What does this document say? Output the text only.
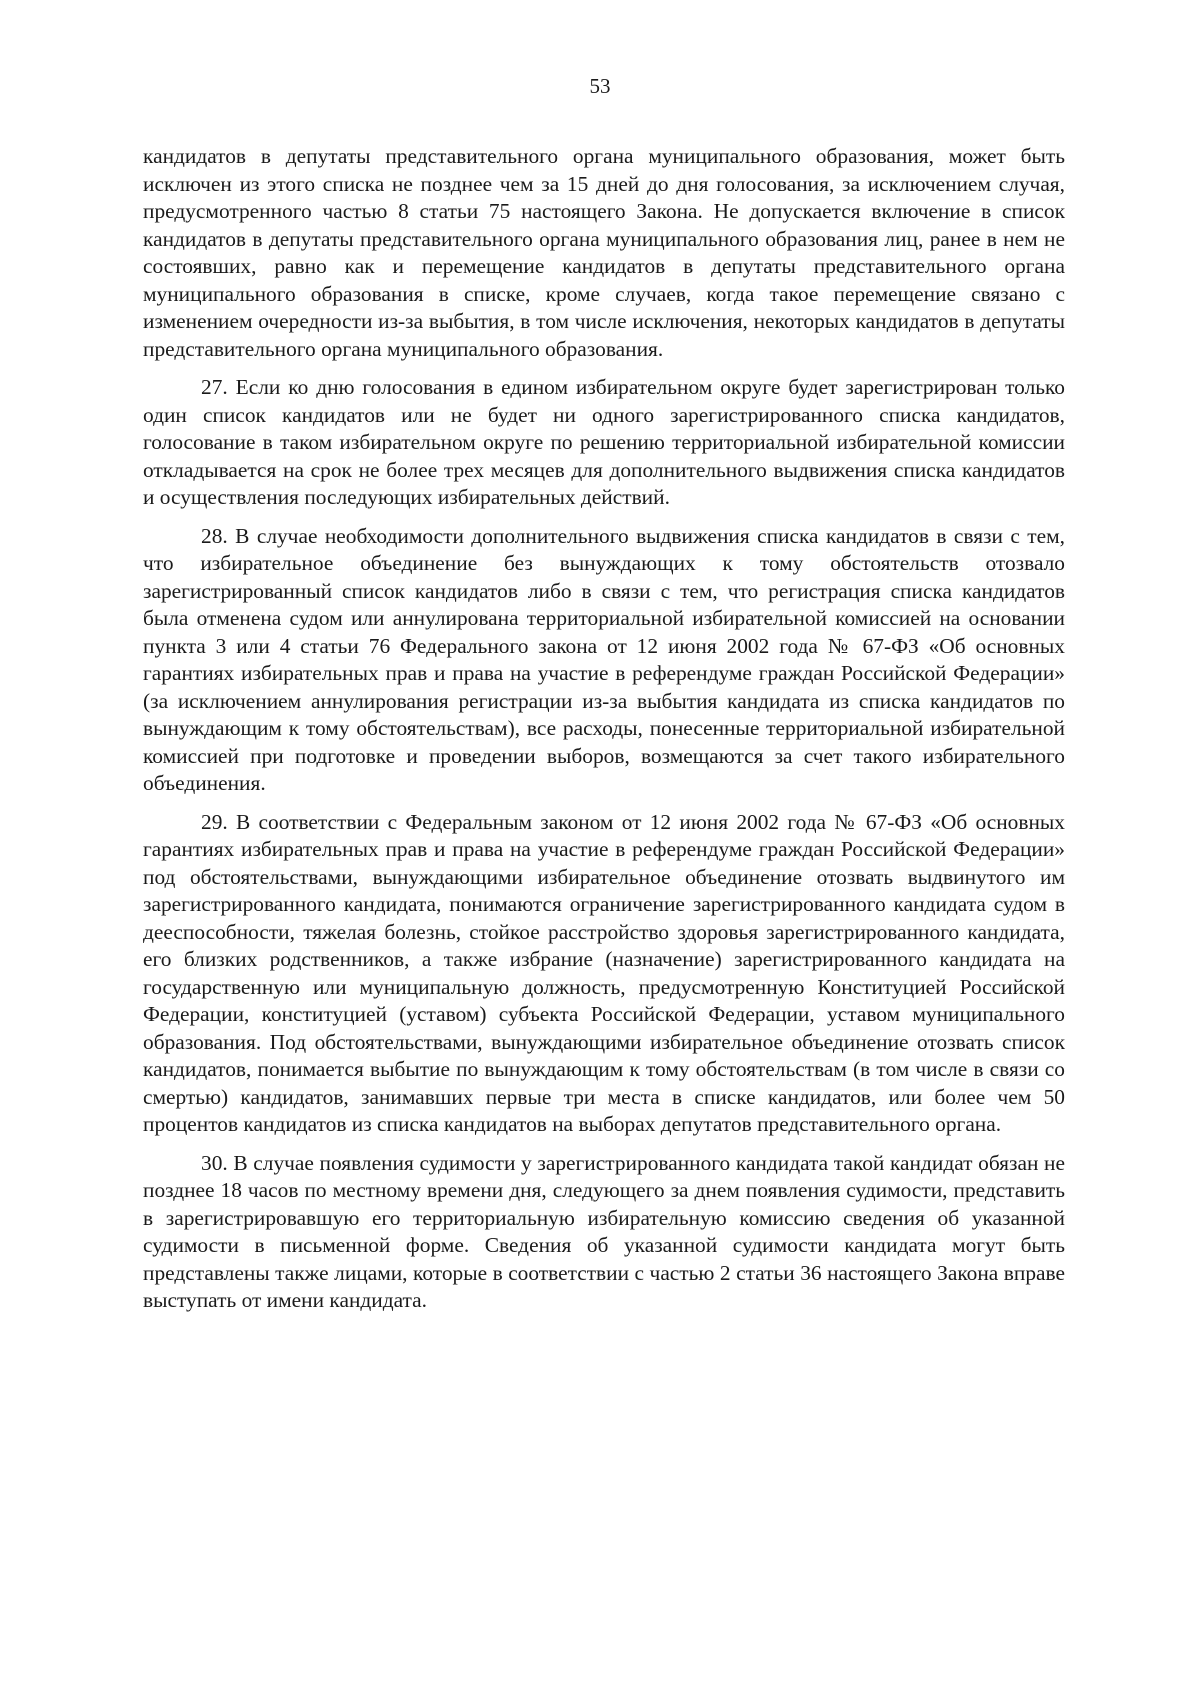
53

кандидатов в депутаты представительного органа муниципального образования, может быть исключен из этого списка не позднее чем за 15 дней до дня голосования, за исключением случая, предусмотренного частью 8 статьи 75 настоящего Закона. Не допускается включение в список кандидатов в депутаты представительного органа муниципального образования лиц, ранее в нем не состоявших, равно как и перемещение кандидатов в депутаты представительного органа муниципального образования в списке, кроме случаев, когда такое перемещение связано с изменением очередности из-за выбытия, в том числе исключения, некоторых кандидатов в депутаты представительного органа муниципального образования.

27. Если ко дню голосования в едином избирательном округе будет зарегистрирован только один список кандидатов или не будет ни одного зарегистрированного списка кандидатов, голосование в таком избирательном округе по решению территориальной избирательной комиссии откладывается на срок не более трех месяцев для дополнительного выдвижения списка кандидатов и осуществления последующих избирательных действий.

28. В случае необходимости дополнительного выдвижения списка кандидатов в связи с тем, что избирательное объединение без вынуждающих к тому обстоятельств отозвало зарегистрированный список кандидатов либо в связи с тем, что регистрация списка кандидатов была отменена судом или аннулирована территориальной избирательной комиссией на основании пункта 3 или 4 статьи 76 Федерального закона от 12 июня 2002 года № 67-ФЗ «Об основных гарантиях избирательных прав и права на участие в референдуме граждан Российской Федерации» (за исключением аннулирования регистрации из-за выбытия кандидата из списка кандидатов по вынуждающим к тому обстоятельствам), все расходы, понесенные территориальной избирательной комиссией при подготовке и проведении выборов, возмещаются за счет такого избирательного объединения.

29. В соответствии с Федеральным законом от 12 июня 2002 года № 67-ФЗ «Об основных гарантиях избирательных прав и права на участие в референдуме граждан Российской Федерации» под обстоятельствами, вынуждающими избирательное объединение отозвать выдвинутого им зарегистрированного кандидата, понимаются ограничение зарегистрированного кандидата судом в дееспособности, тяжелая болезнь, стойкое расстройство здоровья зарегистрированного кандидата, его близких родственников, а также избрание (назначение) зарегистрированного кандидата на государственную или муниципальную должность, предусмотренную Конституцией Российской Федерации, конституцией (уставом) субъекта Российской Федерации, уставом муниципального образования. Под обстоятельствами, вынуждающими избирательное объединение отозвать список кандидатов, понимается выбытие по вынуждающим к тому обстоятельствам (в том числе в связи со смертью) кандидатов, занимавших первые три места в списке кандидатов, или более чем 50 процентов кандидатов из списка кандидатов на выборах депутатов представительного органа.

30. В случае появления судимости у зарегистрированного кандидата такой кандидат обязан не позднее 18 часов по местному времени дня, следующего за днем появления судимости, представить в зарегистрировавшую его территориальную избирательную комиссию сведения об указанной судимости в письменной форме. Сведения об указанной судимости кандидата могут быть представлены также лицами, которые в соответствии с частью 2 статьи 36 настоящего Закона вправе выступать от имени кандидата.
